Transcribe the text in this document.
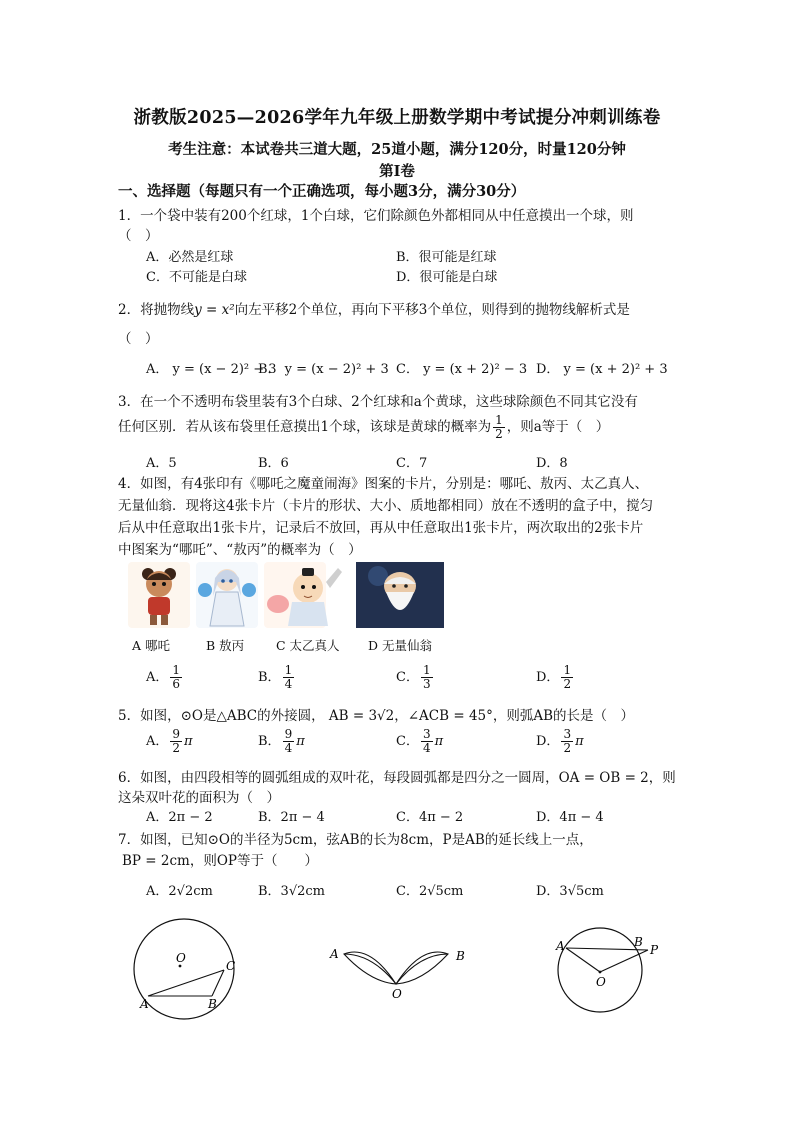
浙教版2025—2026学年九年级上册数学期中考试提分冲刺训练卷
考生注意：本试卷共三道大题，25道小题，满分120分，时量120分钟
第Ⅰ卷
一、选择题（每题只有一个正确选项，每小题3分，满分30分）
1．一个袋中装有200个红球，1个白球，它们除颜色外都相同从中任意摸出一个球，则
（　）
A．必然是红球	B．很可能是红球
C．不可能是白球	D．很可能是白球
2．将抛物线y = x²向左平移2个单位，再向下平移3个单位，则得到的抛物线解析式是
（　）
A． y = (x − 2)² − 3
B． y = (x − 2)² + 3 C． y = (x + 2)² − 3 D． y = (x + 2)² + 3
3．在一个不透明布袋里装有3个白球、2个红球和a个黄球，这些球除颜色不同其它没有
任何区别．若从该布袋里任意摸出1个球，该球是黄球的概率为 $\frac{1}{2}$ ，则a等于（　）
A．5	B．6	C．7	D．8
4．如图，有4张印有《哪吒之魔童闹海》图案的卡片，分别是：哪吒、敖丙、太乙真人、
无量仙翁．现将这4张卡片（卡片的形状、大小、质地都相同）放在不透明的盒子中，搅匀
后从中任意取出1张卡片，记录后不放回，再从中任意取出1张卡片，两次取出的2张卡片
中图案为“哪吒”、“敖丙”的概率为（　）
A 哪吒	B 敖丙	C 太乙真人 D 无量仙翁
A． $\frac{1}{6}$	B． $\frac{1}{4}$	C． $\frac{1}{3}$	D． $\frac{1}{2}$
5．如图，⊙O是△ABC的外接圆， AB = 3√2，∠ACB = 45°，则弧AB的长是（　）
A． $\frac{9}{2}$ π	B． $\frac{9}{4}$ π	C． $\frac{3}{4}$ π	D． $\frac{3}{2}$ π
6．如图，由四段相等的圆弧组成的双叶花，每段圆弧都是四分之一圆周，OA = OB = 2，则
这朵双叶花的面积为（　）
A．2π − 2	B．2π − 4	C．4π − 2	D．4π − 4
7．如图，已知⊙O的半径为5cm，弦AB的长为8cm，P是AB的延长线上一点，
BP = 2cm，则OP等于（　　）
A．2√2cm	B．3√2cm	C．2√5cm	D．3√5cm
O
C
A	B
A	B
O
A	B
P
O
